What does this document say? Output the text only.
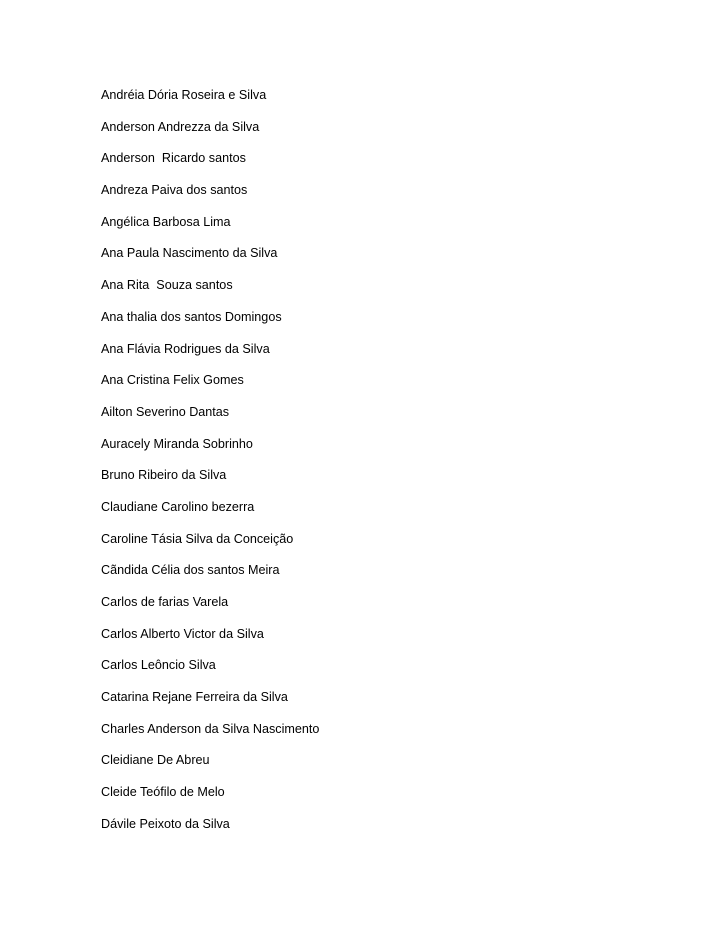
Andréia Dória Roseira e Silva
Anderson Andrezza da Silva
Anderson  Ricardo santos
Andreza Paiva dos santos
Angélica Barbosa Lima
Ana Paula Nascimento da Silva
Ana Rita  Souza santos
Ana thalia dos santos Domingos
Ana Flávia Rodrigues da Silva
Ana Cristina Felix Gomes
Ailton Severino Dantas
Auracely Miranda Sobrinho
Bruno Ribeiro da Silva
Claudiane Carolino bezerra
Caroline Tásia Silva da Conceição
Cãndida Célia dos santos Meira
Carlos de farias Varela
Carlos Alberto Victor da Silva
Carlos Leôncio Silva
Catarina Rejane Ferreira da Silva
Charles Anderson da Silva Nascimento
Cleidiane De Abreu
Cleide Teófilo de Melo
Dávile Peixoto da Silva
